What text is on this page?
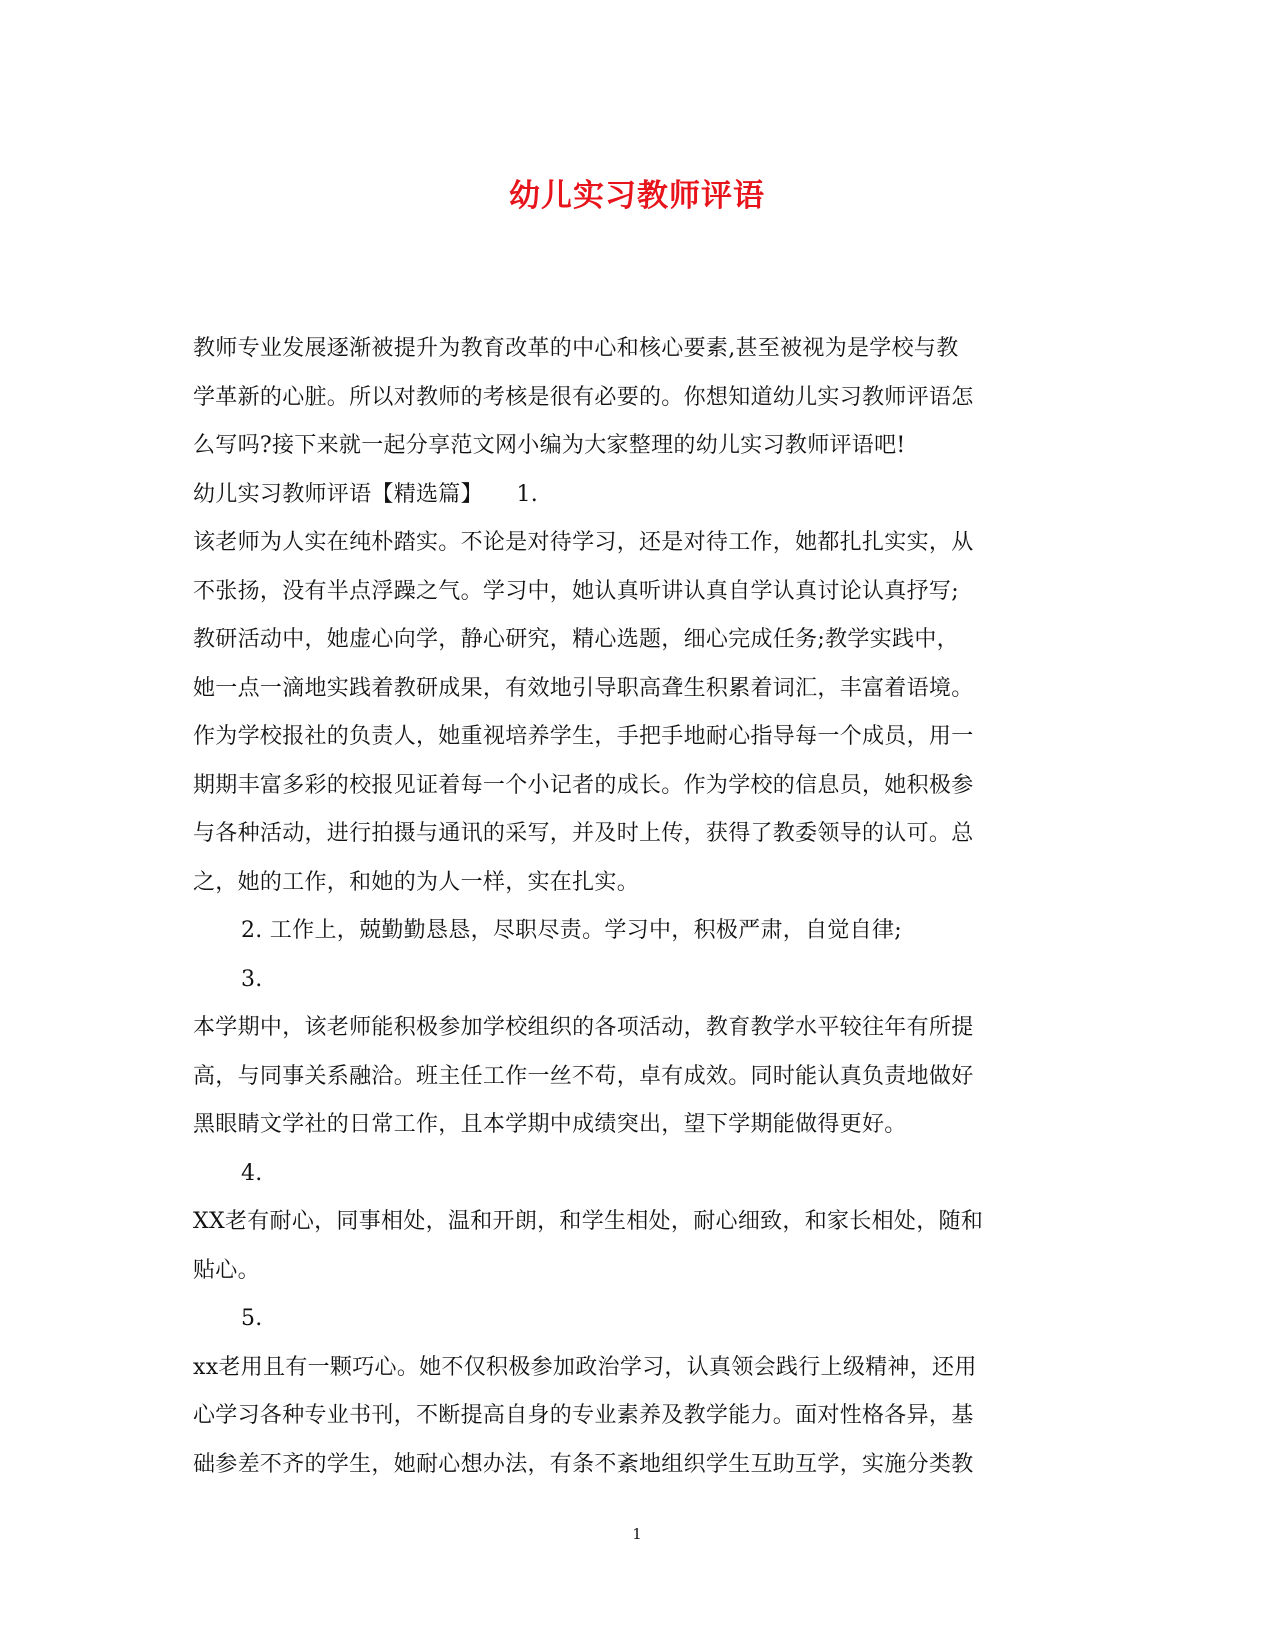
幼儿实习教师评语
教师专业发展逐渐被提升为教育改革的中心和核心要素,甚至被视为是学校与教
学革新的心脏。所以对教师的考核是很有必要的。你想知道幼儿实习教师评语怎
么写吗?接下来就一起分享范文网小编为大家整理的幼儿实习教师评语吧!
幼儿实习教师评语【精选篇】　　1.
该老师为人实在纯朴踏实。不论是对待学习，还是对待工作，她都扎扎实实，从
不张扬，没有半点浮躁之气。学习中，她认真听讲认真自学认真讨论认真抒写;
教研活动中，她虚心向学，静心研究，精心选题，细心完成任务;教学实践中，
她一点一滴地实践着教研成果，有效地引导职高聋生积累着词汇，丰富着语境。
作为学校报社的负责人，她重视培养学生，手把手地耐心指导每一个成员，用一
期期丰富多彩的校报见证着每一个小记者的成长。作为学校的信息员，她积极参
与各种活动，进行拍摄与通讯的采写，并及时上传，获得了教委领导的认可。总
之，她的工作，和她的为人一样，实在扎实。
2. 工作上，兢勤勤恳恳，尽职尽责。学习中，积极严肃，自觉自律;
3.
本学期中，该老师能积极参加学校组织的各项活动，教育教学水平较往年有所提
高，与同事关系融洽。班主任工作一丝不苟，卓有成效。同时能认真负责地做好
黑眼睛文学社的日常工作，且本学期中成绩突出，望下学期能做得更好。
4.
XX老有耐心，同事相处，温和开朗，和学生相处，耐心细致，和家长相处，随和
贴心。
5.
xx老用且有一颗巧心。她不仅积极参加政治学习，认真领会践行上级精神，还用
心学习各种专业书刊，不断提高自身的专业素养及教学能力。面对性格各异，基
础参差不齐的学生，她耐心想办法，有条不紊地组织学生互助互学，实施分类教
1
